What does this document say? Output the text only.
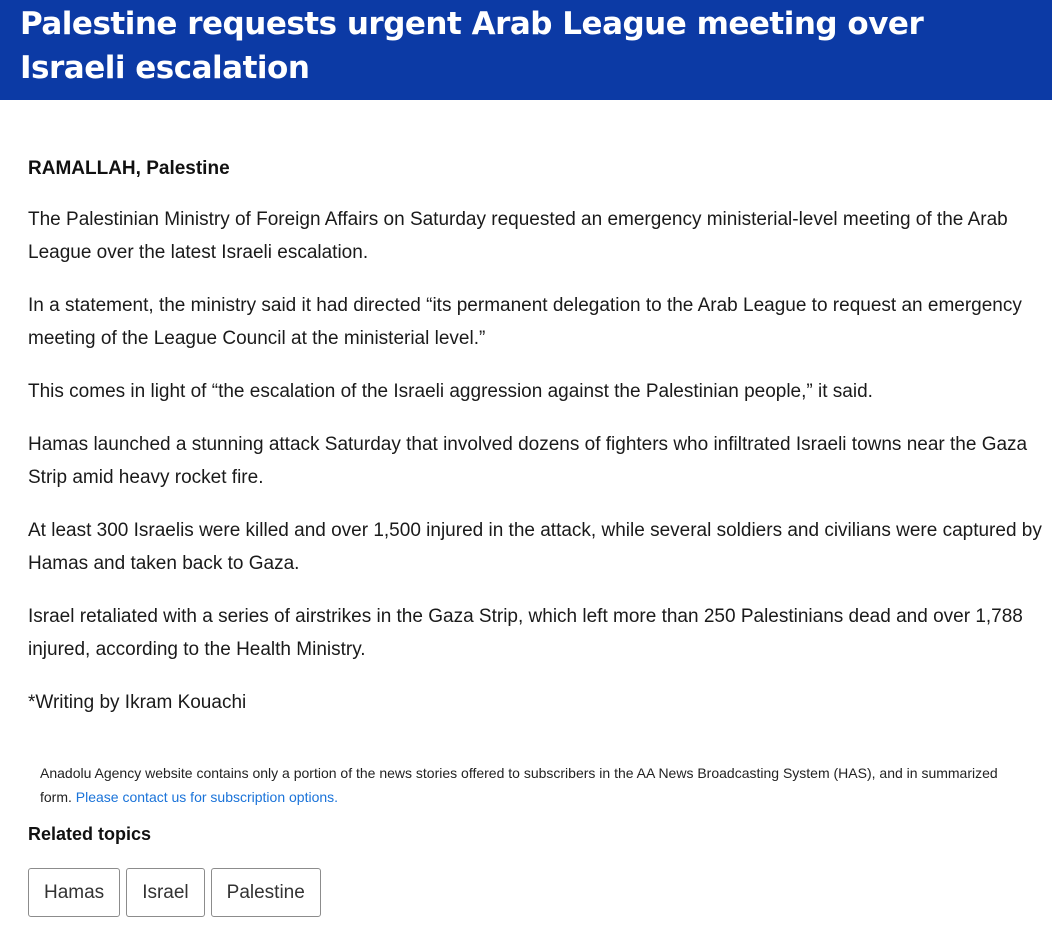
Palestine requests urgent Arab League meeting over Israeli escalation

RAMALLAH, Palestine

The Palestinian Ministry of Foreign Affairs on Saturday requested an emergency ministerial-level meeting of the Arab League over the latest Israeli escalation.

In a statement, the ministry said it had directed “its permanent delegation to the Arab League to request an emergency meeting of the League Council at the ministerial level.”

This comes in light of “the escalation of the Israeli aggression against the Palestinian people,” it said.

Hamas launched a stunning attack Saturday that involved dozens of fighters who infiltrated Israeli towns near the Gaza Strip amid heavy rocket fire.

At least 300 Israelis were killed and over 1,500 injured in the attack, while several soldiers and civilians were captured by Hamas and taken back to Gaza.

Israel retaliated with a series of airstrikes in the Gaza Strip, which left more than 250 Palestinians dead and over 1,788 injured, according to the Health Ministry.

*Writing by Ikram Kouachi

Anadolu Agency website contains only a portion of the news stories offered to subscribers in the AA News Broadcasting System (HAS), and in summarized form. Please contact us for subscription options.
Related topics
Hamas	Israel	Palestine
